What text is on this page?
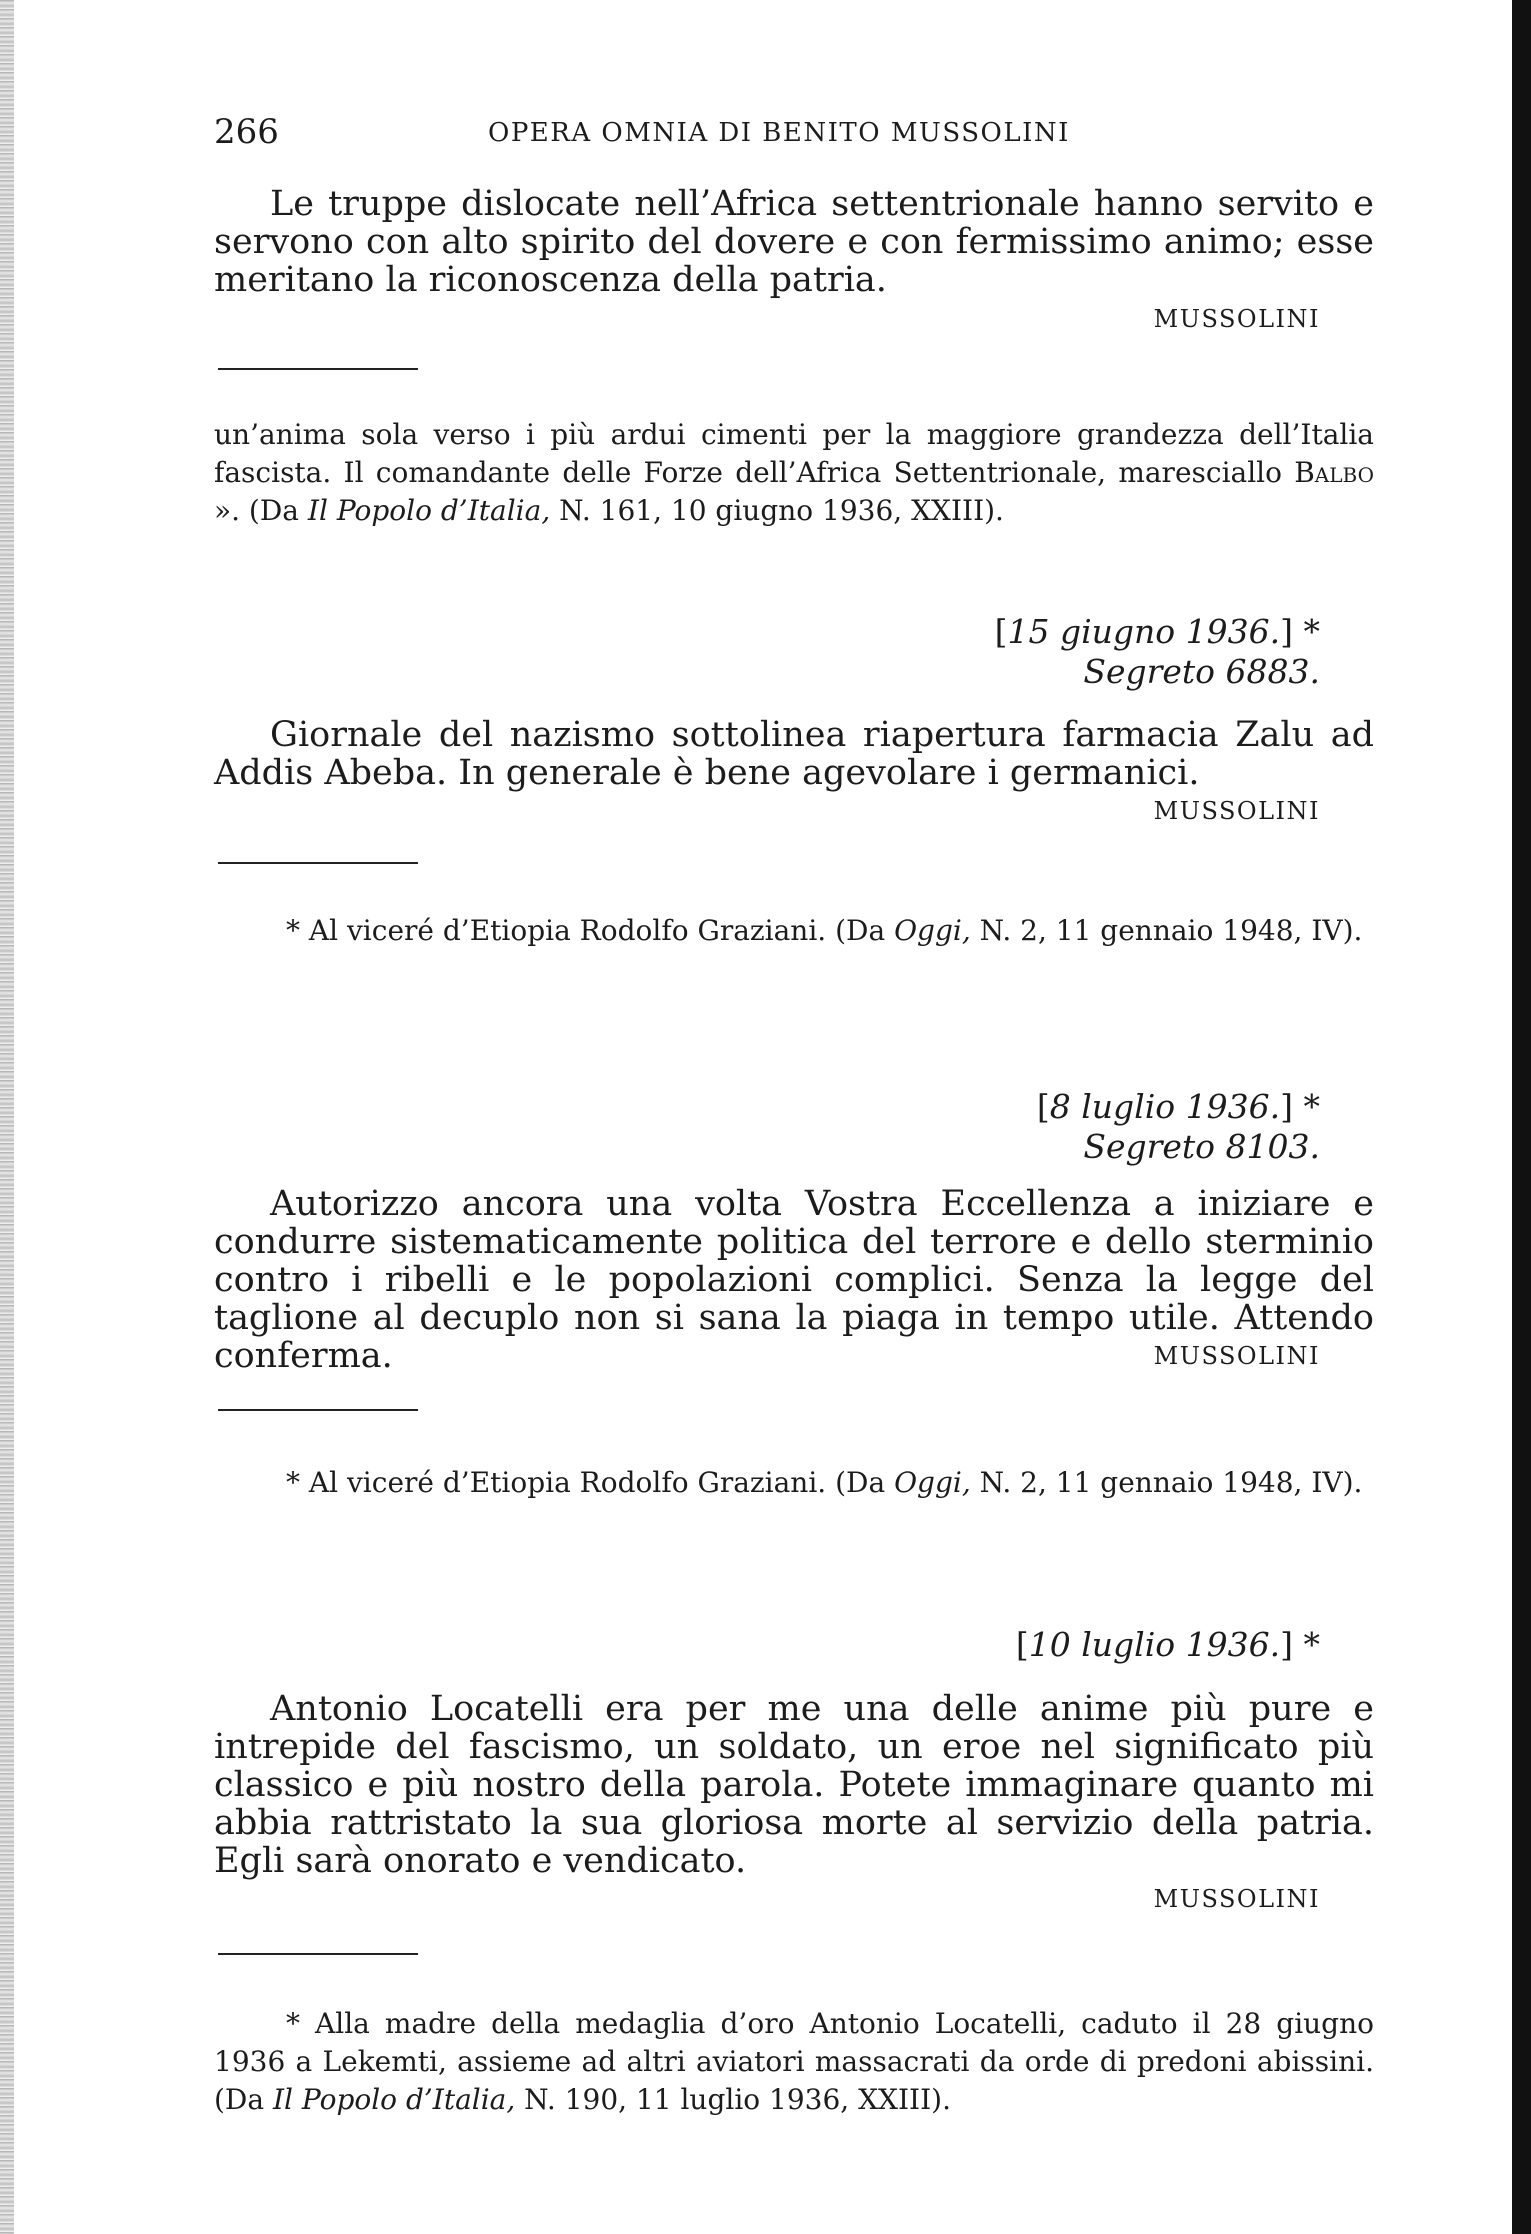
266	OPERA OMNIA DI BENITO MUSSOLINI

Le truppe dislocate nell’Africa settentrionale hanno servito e servono con alto spirito del dovere e con fermissimo animo; esse meritano la riconoscenza della patria.

MUSSOLINI

un’anima sola verso i più ardui cimenti per la maggiore grandezza dell’Italia fascista. Il comandante delle Forze dell’Africa Settentrionale, maresciallo Balbo ». (Da Il Popolo d’Italia, N. 161, 10 giugno 1936, XXIII).

[15 giugno 1936.] *
Segreto 6883.

Giornale del nazismo sottolinea riapertura farmacia Zalu ad Addis Abeba. In generale è bene agevolare i germanici.

MUSSOLINI

* Al viceré d’Etiopia Rodolfo Graziani. (Da Oggi, N. 2, 11 gennaio 1948, IV).

[8 luglio 1936.] *
Segreto 8103.

Autorizzo ancora una volta Vostra Eccellenza a iniziare e condurre sistematicamente politica del terrore e dello sterminio contro i ribelli e le popolazioni complici. Senza la legge del taglione al decuplo non si sana la piaga in tempo utile. Attendo conferma.	MUSSOLINI

* Al viceré d’Etiopia Rodolfo Graziani. (Da Oggi, N. 2, 11 gennaio 1948, IV).

[10 luglio 1936.] *

Antonio Locatelli era per me una delle anime più pure e intrepide del fascismo, un soldato, un eroe nel significato più classico e più nostro della parola. Potete immaginare quanto mi abbia rattristato la sua gloriosa morte al servizio della patria. Egli sarà onorato e vendicato.

MUSSOLINI

* Alla madre della medaglia d’oro Antonio Locatelli, caduto il 28 giugno 1936 a Lekemti, assieme ad altri aviatori massacrati da orde di predoni abissini. (Da Il Popolo d’Italia, N. 190, 11 luglio 1936, XXIII).
